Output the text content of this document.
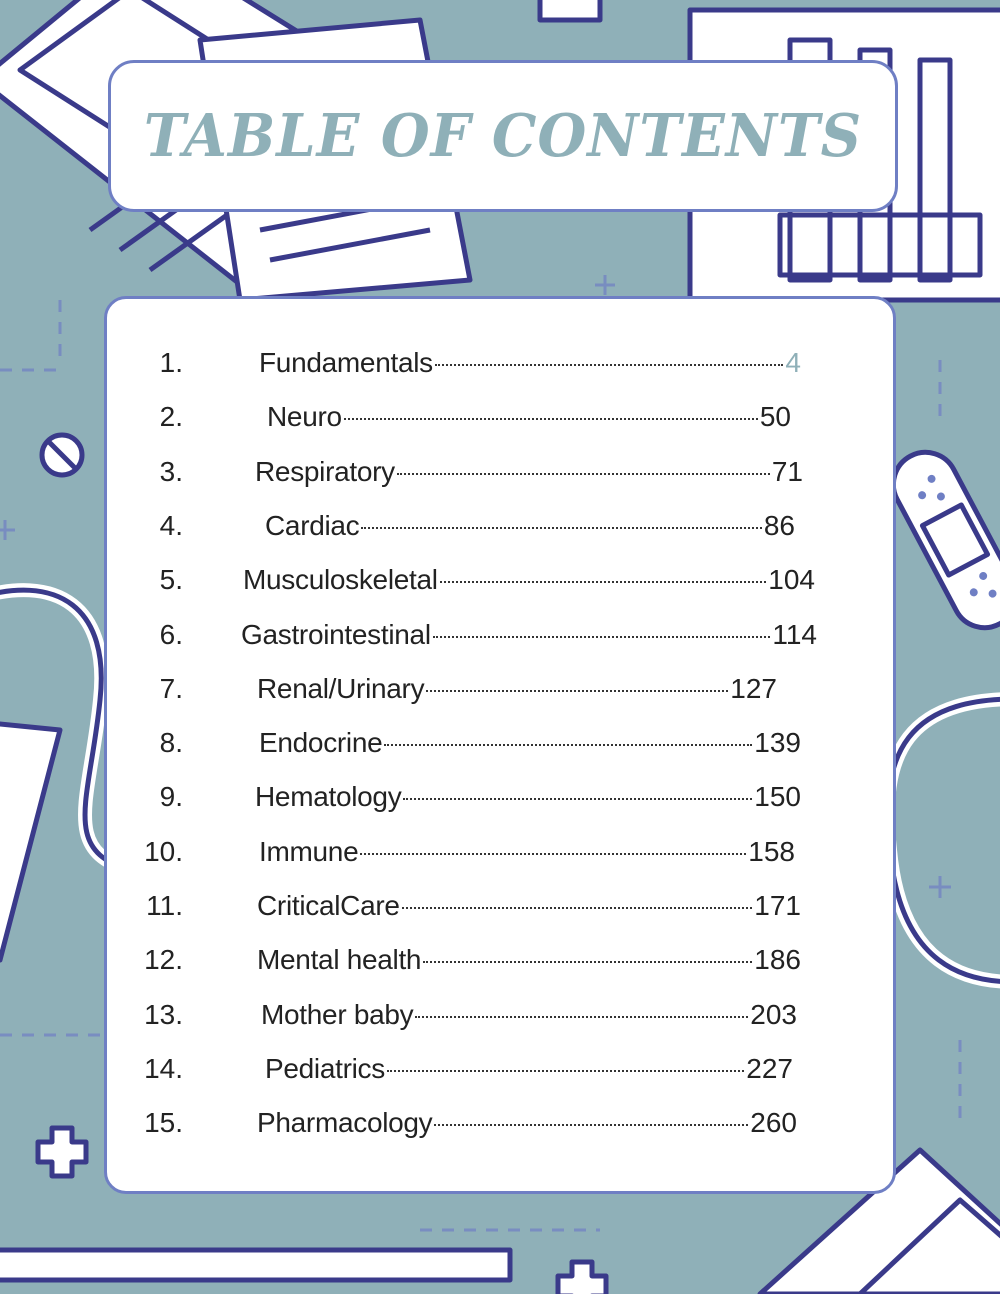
TABLE OF CONTENTS
1.	Fundamentals	4
2.	Neuro	50
3.	Respiratory	71
4.	Cardiac	86
5. Musculoskeletal	104
6. Gastrointestinal	114
7.	Renal/Urinary	127
8.	Endocrine	139
9.	Hematology	150
10.	Immune	158
11.	CriticalCare	171
12.	Mental health	186
13.	Mother baby	203
14.	Pediatrics	227
15.	Pharmacology	260
